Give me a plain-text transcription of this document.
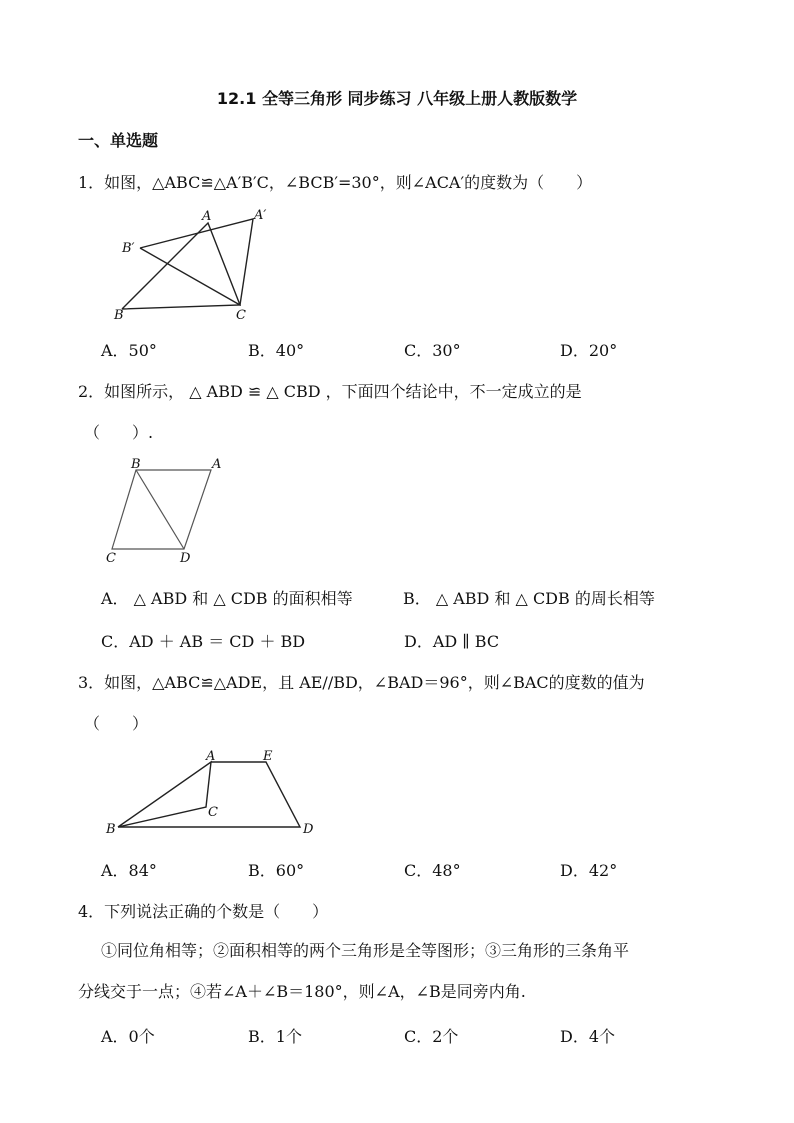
12.1 全等三角形 同步练习 八年级上册人教版数学
一、单选题
1．如图，△ABC≌△A′B′C，∠BCB′=30°，则∠ACA′的度数为（　　）
A	A′
B′
B	C
A．50°	B．40°	C．30°	D．20°
2．如图所示， △ ABD ≌ △ CBD ，下面四个结论中，不一定成立的是
（　　）.
B	A
C	D
A． △ ABD 和 △ CDB 的面积相等	B． △ ABD 和 △ CDB 的周长相等
C．AD ＋ AB ＝ CD ＋ BD	D．AD ∥ BC
3．如图，△ABC≌△ADE，且 AE//BD，∠BAD＝96°，则∠BAC的度数的值为
（　　）
A	E
C
B	D
A．84°	B．60°	C．48°	D．42°
4．下列说法正确的个数是（　　）
①同位角相等；②面积相等的两个三角形是全等图形；③三角形的三条角平
分线交于一点；④若∠A＋∠B＝180°，则∠A，∠B是同旁内角.
A．0个	B．1个	C．2个	D．4个
